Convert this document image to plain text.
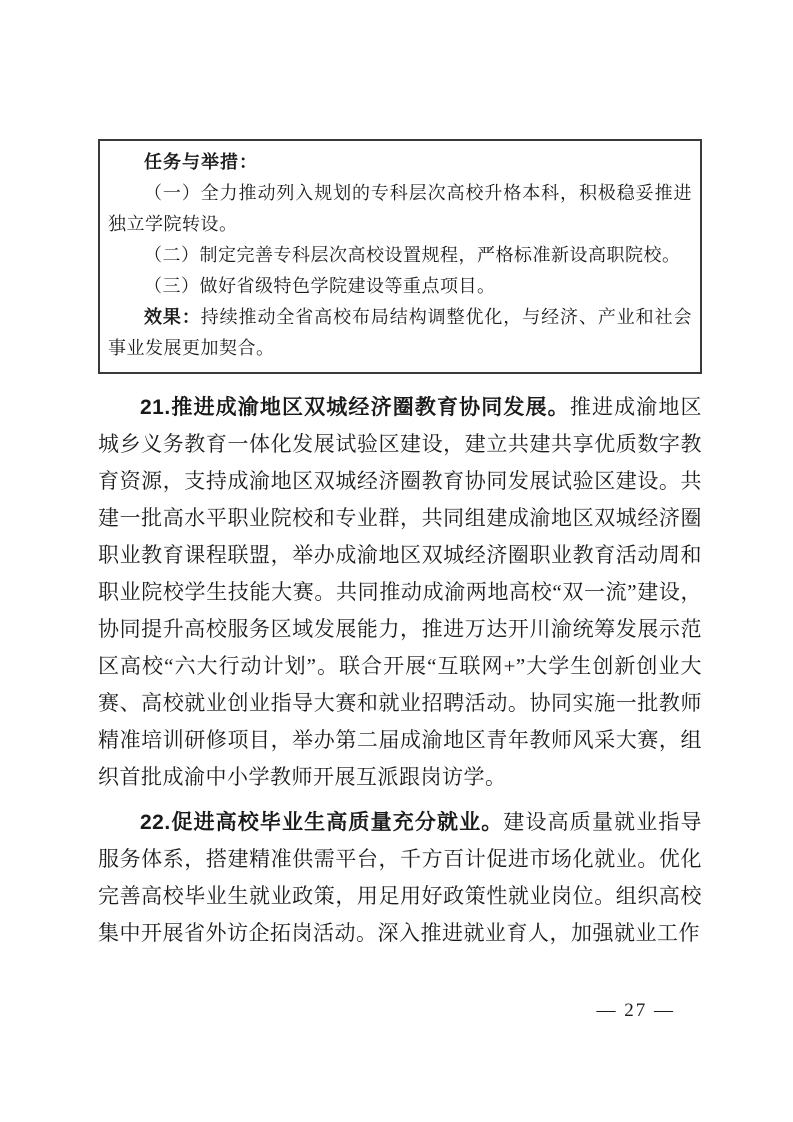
任务与举措：

（一）全力推动列入规划的专科层次高校升格本科，积极稳妥推进独立学院转设。

（二）制定完善专科层次高校设置规程，严格标准新设高职院校。

（三）做好省级特色学院建设等重点项目。

效果：持续推动全省高校布局结构调整优化，与经济、产业和社会事业发展更加契合。

21.推进成渝地区双城经济圈教育协同发展。推进成渝地区城乡义务教育一体化发展试验区建设，建立共建共享优质数字教育资源，支持成渝地区双城经济圈教育协同发展试验区建设。共建一批高水平职业院校和专业群，共同组建成渝地区双城经济圈职业教育课程联盟，举办成渝地区双城经济圈职业教育活动周和职业院校学生技能大赛。共同推动成渝两地高校“双一流”建设，协同提升高校服务区域发展能力，推进万达开川渝统筹发展示范区高校“六大行动计划”。联合开展“互联网+”大学生创新创业大赛、高校就业创业指导大赛和就业招聘活动。协同实施一批教师精准培训研修项目，举办第二届成渝地区青年教师风采大赛，组织首批成渝中小学教师开展互派跟岗访学。

22.促进高校毕业生高质量充分就业。建设高质量就业指导服务体系，搭建精准供需平台，千方百计促进市场化就业。优化完善高校毕业生就业政策，用足用好政策性就业岗位。组织高校集中开展省外访企拓岗活动。深入推进就业育人，加强就业工作

— 27 —
